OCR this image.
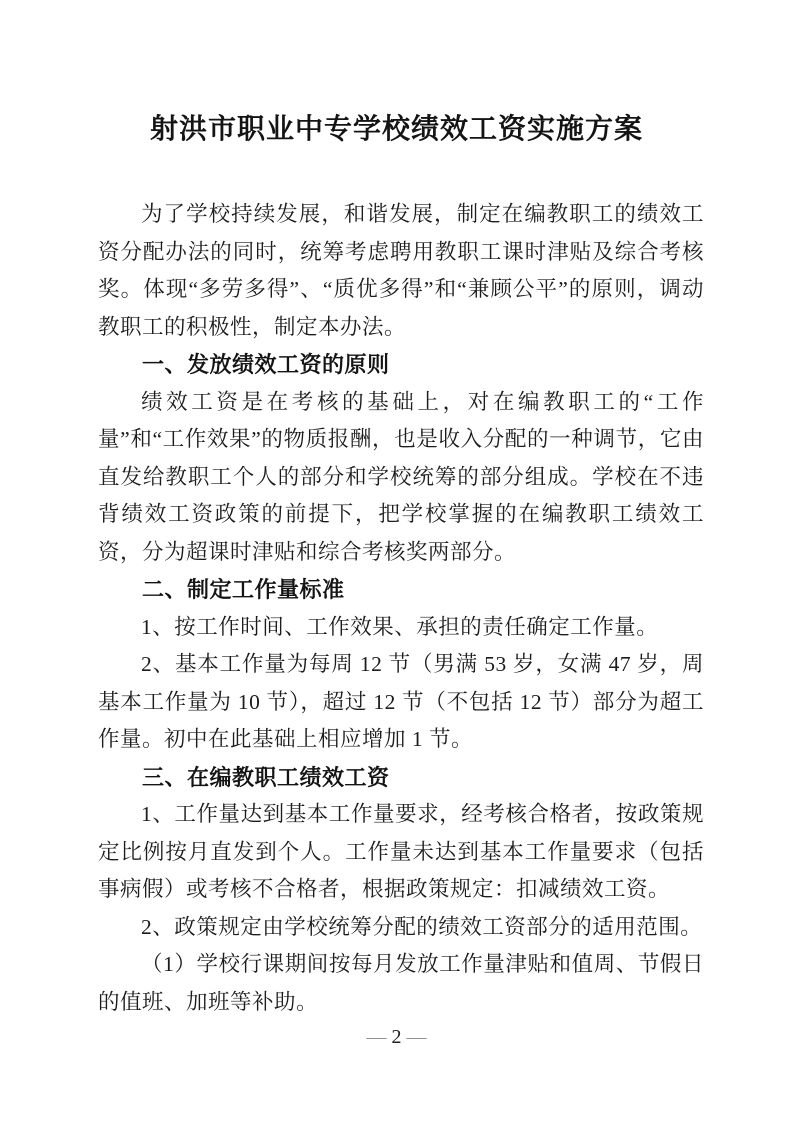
射洪市职业中专学校绩效工资实施方案

为了学校持续发展，和谐发展，制定在编教职工的绩效工资分配办法的同时，统筹考虑聘用教职工课时津贴及综合考核奖。体现“多劳多得”、“质优多得”和“兼顾公平”的原则，调动教职工的积极性，制定本办法。

一、发放绩效工资的原则

绩效工资是在考核的基础上，对在编教职工的“工作量”和“工作效果”的物质报酬，也是收入分配的一种调节，它由直发给教职工个人的部分和学校统筹的部分组成。学校在不违背绩效工资政策的前提下，把学校掌握的在编教职工绩效工资，分为超课时津贴和综合考核奖两部分。

二、制定工作量标准

1、按工作时间、工作效果、承担的责任确定工作量。

2、基本工作量为每周 12 节（男满 53 岁，女满 47 岁，周基本工作量为 10 节），超过 12 节（不包括 12 节）部分为超工作量。初中在此基础上相应增加 1 节。

三、在编教职工绩效工资

1、工作量达到基本工作量要求，经考核合格者，按政策规定比例按月直发到个人。工作量未达到基本工作量要求（包括事病假）或考核不合格者，根据政策规定：扣减绩效工资。

2、政策规定由学校统筹分配的绩效工资部分的适用范围。

（1）学校行课期间按每月发放工作量津贴和值周、节假日的值班、加班等补助。

— 2 —
